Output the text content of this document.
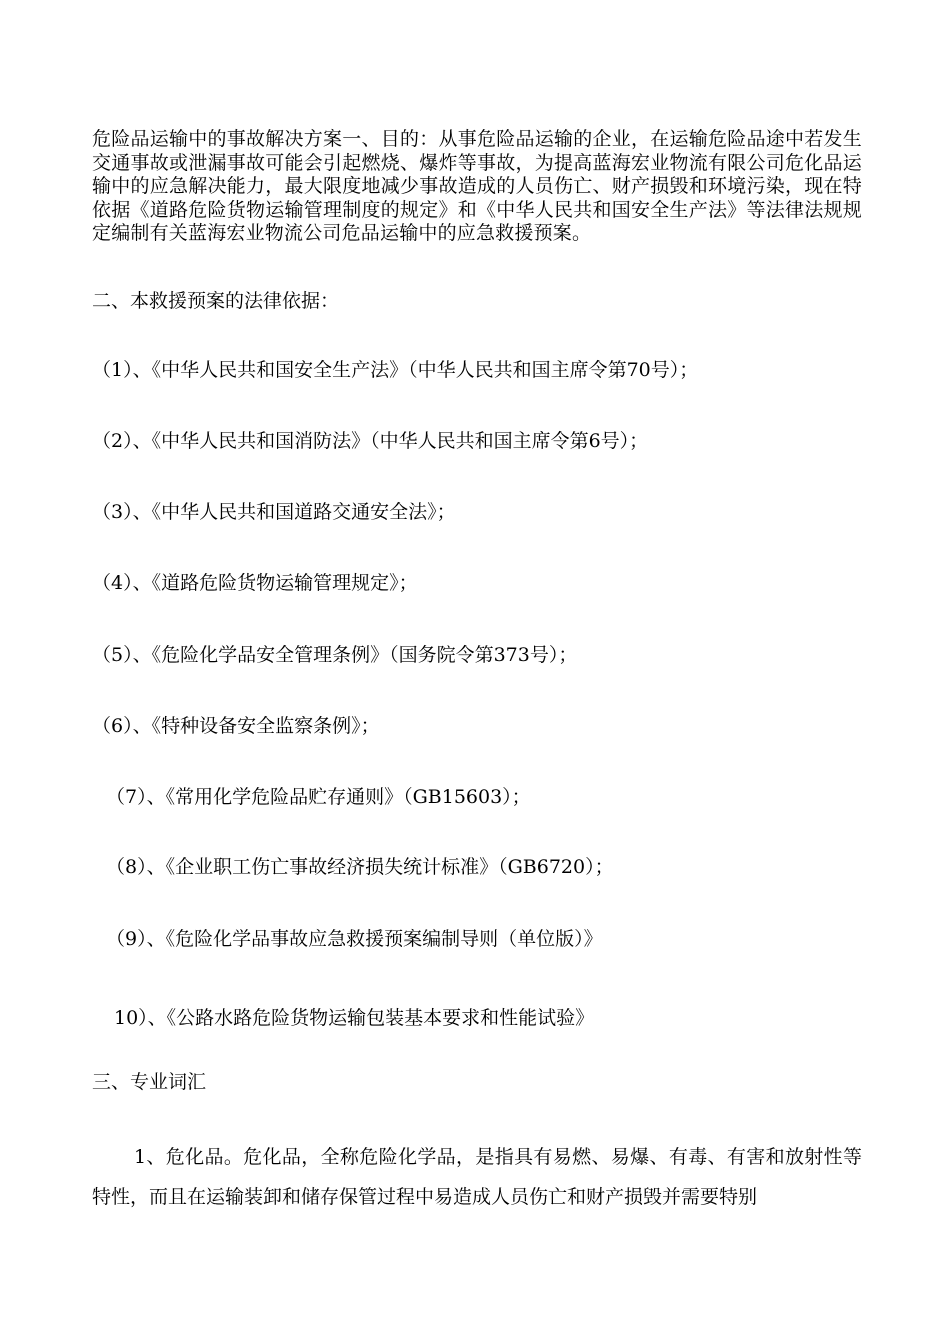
危险品运输中的事故解决方案一、目的：从事危险品运输的企业，在运输危险品途中若发生交通事故或泄漏事故可能会引起燃烧、爆炸等事故，为提高蓝海宏业物流有限公司危化品运输中的应急解决能力，最大限度地减少事故造成的人员伤亡、财产损毁和环境污染，现在特依据《道路危险货物运输管理制度的规定》和《中华人民共和国安全生产法》等法律法规规定编制有关蓝海宏业物流公司危品运输中的应急救援预案。
二、本救援预案的法律依据：
（1）、《中华人民共和国安全生产法》（中华人民共和国主席令第70号）；
（2）、《中华人民共和国消防法》（中华人民共和国主席令第6号）；
（3）、《中华人民共和国道路交通安全法》；
（4）、《道路危险货物运输管理规定》；
（5）、《危险化学品安全管理条例》（国务院令第373号）；
（6）、《特种设备安全监察条例》；
（7）、《常用化学危险品贮存通则》（GB15603）；
（8）、《企业职工伤亡事故经济损失统计标准》（GB6720）；
（9）、《危险化学品事故应急救援预案编制导则（单位版）》
10）、《公路水路危险货物运输包装基本要求和性能试验》
三、专业词汇
1、危化品。危化品，全称危险化学品，是指具有易燃、易爆、有毒、有害和放射性等特性，而且在运输装卸和储存保管过程中易造成人员伤亡和财产损毁并需要特别
